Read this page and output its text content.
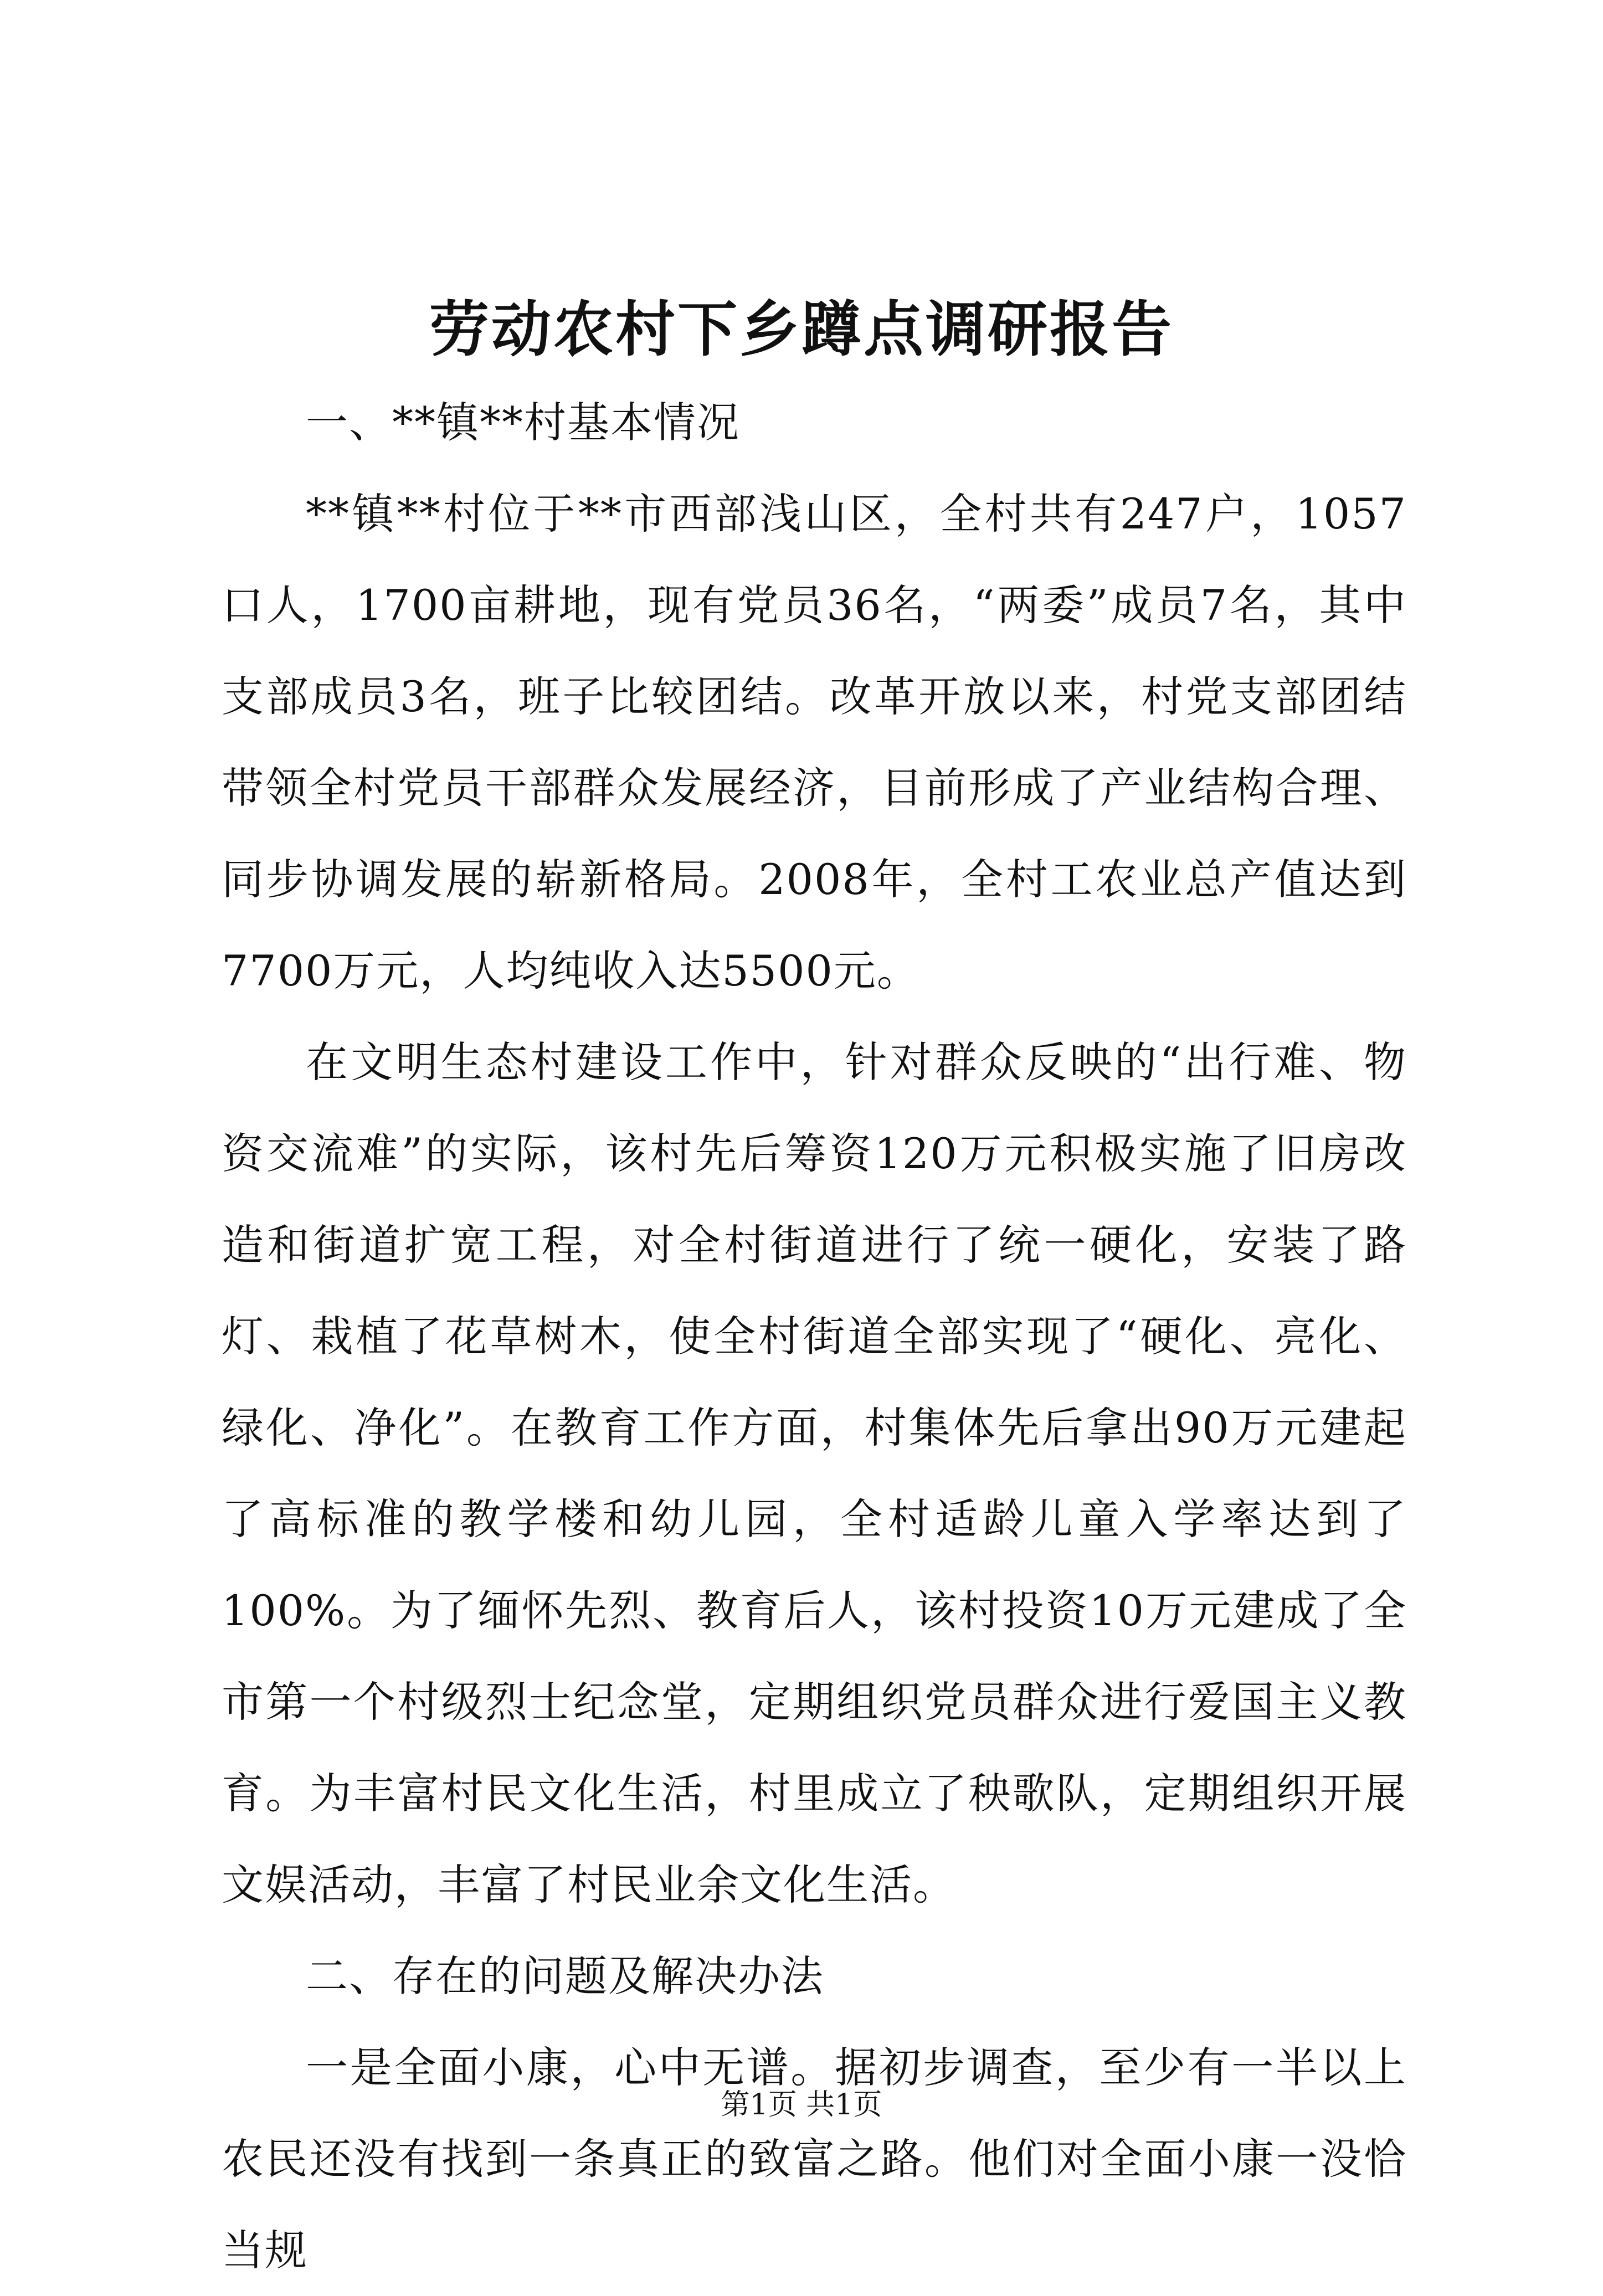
劳动农村下乡蹲点调研报告

一、**镇**村基本情况

**镇**村位于**市西部浅山区，全村共有247户，1057口人，1700亩耕地，现有党员36名，“两委”成员7名，其中支部成员3名，班子比较团结。改革开放以来，村党支部团结带领全村党员干部群众发展经济，目前形成了产业结构合理、同步协调发展的崭新格局。2008年，全村工农业总产值达到7700万元，人均纯收入达5500元。

在文明生态村建设工作中，针对群众反映的“出行难、物资交流难”的实际，该村先后筹资120万元积极实施了旧房改造和街道扩宽工程，对全村街道进行了统一硬化，安装了路灯、栽植了花草树木，使全村街道全部实现了“硬化、亮化、绿化、净化”。在教育工作方面，村集体先后拿出90万元建起了高标准的教学楼和幼儿园，全村适龄儿童入学率达到了100%。为了缅怀先烈、教育后人，该村投资10万元建成了全市第一个村级烈士纪念堂，定期组织党员群众进行爱国主义教育。为丰富村民文化生活，村里成立了秧歌队，定期组织开展文娱活动，丰富了村民业余文化生活。

二、存在的问题及解决办法

一是全面小康，心中无谱。据初步调查，至少有一半以上农民还没有找到一条真正的致富之路。他们对全面小康一没恰当规

第1页 共1页
